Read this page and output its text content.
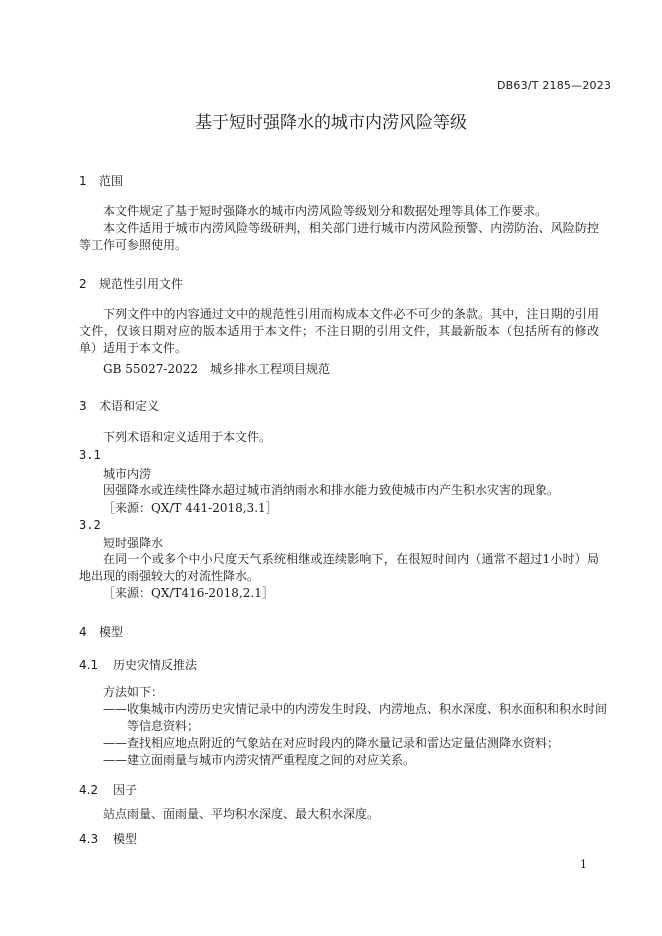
DB63/T 2185—2023
基于短时强降水的城市内涝风险等级
1 范围
本文件规定了基于短时强降水的城市内涝风险等级划分和数据处理等具体工作要求。
本文件适用于城市内涝风险等级研判，相关部门进行城市内涝风险预警、内涝防治、风险防控等工作可参照使用。
2 规范性引用文件
下列文件中的内容通过文中的规范性引用而构成本文件必不可少的条款。其中，注日期的引用文件，仅该日期对应的版本适用于本文件；不注日期的引用文件，其最新版本（包括所有的修改单）适用于本文件。
GB 55027-2022　城乡排水工程项目规范
3 术语和定义
下列术语和定义适用于本文件。
3.1
城市内涝
因强降水或连续性降水超过城市消纳雨水和排水能力致使城市内产生积水灾害的现象。
［来源：QX/T 441-2018,3.1］
3.2
短时强降水
在同一个或多个中小尺度天气系统相继或连续影响下，在很短时间内（通常不超过1小时）局地出现的雨强较大的对流性降水。
［来源：QX/T416-2018,2.1］
4 模型
4.1 历史灾情反推法
方法如下：
——收集城市内涝历史灾情记录中的内涝发生时段、内涝地点、积水深度、积水面积和积水时间
等信息资料；
——查找相应地点附近的气象站在对应时段内的降水量记录和雷达定量估测降水资料；
——建立面雨量与城市内涝灾情严重程度之间的对应关系。
4.2 因子
站点雨量、面雨量、平均积水深度、最大积水深度。
4.3 模型
1
